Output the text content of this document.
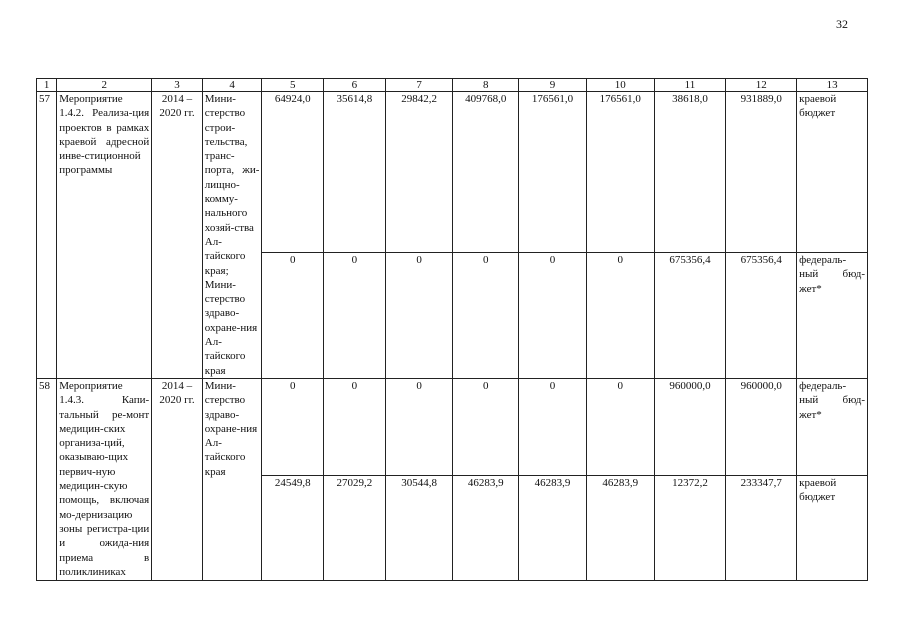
32
1	2	3	4	5	6	7	8	9	10	11	12	13
57	Мероприятие 1.4.2. Реализа-ция проектов в рамках краевой адресной инве-стиционной программы	2014 – 2020 гг.	Мини-стерство строи-тельства, транс-порта, жи-лищно-комму-нального хозяй-ства Ал-тайского края; Мини-стерство здраво-охране-ния Ал-тайского края	64924,0	35614,8	29842,2	409768,0	176561,0	176561,0	38618,0	931889,0	краевой бюджет
				0	0	0	0	0	0	675356,4	675356,4	федераль-ный бюд-жет*
58	Мероприятие 1.4.3. Капи-тальный ре-монт медицин-ских организа-ций, оказываю-щих первич-ную медицин-скую помощь, включая мо-дернизацию зоны регистра-ции и ожида-ния приема в поликлиниках	2014 – 2020 гг.	Мини-стерство здраво-охране-ния Ал-тайского края	0	0	0	0	0	0	960000,0	960000,0	федераль-ный бюд-жет*
				24549,8	27029,2	30544,8	46283,9	46283,9	46283,9	12372,2	233347,7	краевой бюджет
